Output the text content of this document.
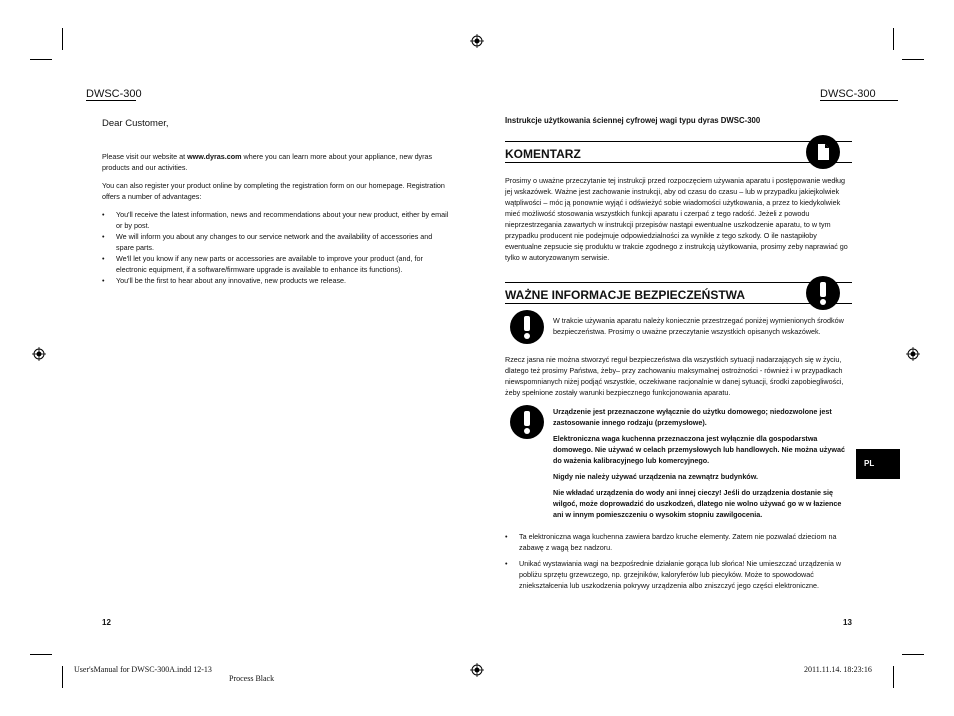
DWSC-300	DWSC-300
Dear Customer,

Please visit our website at www.dyras.com where you can learn more about your appliance, new dyras products and our activities.

You can also register your product online by completing the registration form on our homepage. Registration offers a number of advantages:

• You'll receive the latest information, news and recommendations about your new product, either by email or by post.
• We will inform you about any changes to our service network and the availability of accessories and spare parts.
• We'll let you know if any new parts or accessories are available to improve your product (and, for electronic equipment, if a software/firmware upgrade is available to enhance its functions).
• You'll be the first to hear about any innovative, new products we release.
12
Instrukcje użytkowania ściennej cyfrowej wagi typu dyras DWSC-300
KOMENTARZ

Prosimy o uważne przeczytanie tej instrukcji przed rozpoczęciem używania aparatu i postępowanie według jej wskazówek. Ważne jest zachowanie instrukcji, aby od czasu do czasu – lub w przypadku jakiejkolwiek wątpliwości – móc ją ponownie wyjąć i odświeżyć sobie wiadomości użytkowania, a przez to kiedykolwiek mieć możliwość stosowania wszystkich funkcji aparatu i czerpać z tego radość. Jeżeli z powodu nieprzestrzegania zawartych w instrukcji przepisów nastąpi ewentualne uszkodzenie aparatu, to w tym przypadku producent nie podejmuje odpowiedzialności za wynikłe z tego szkody. O ile nastąpiłoby ewentualne zepsucie się produktu w trakcie zgodnego z instrukcją użytkowania, prosimy zeby naprawiać go tylko w autoryzowanym serwisie.

WAŻNE INFORMACJE BEZPIECZEŃSTWA

W trakcie używania aparatu należy koniecznie przestrzegać poniżej wymienionych środków bezpieczeństwa. Prosimy o uważne przeczytanie wszystkich opisanych wskazówek.

Rzecz jasna nie można stworzyć reguł bezpieczeństwa dla wszystkich sytuacji nadarzających się w życiu, dlatego też prosimy Państwa, żeby– przy zachowaniu maksymalnej ostrożności - również i w przypadkach niewspomnianych niżej podjąć wszystkie, oczekiwane racjonalnie w danej sytuacji, środki zapobiegliwości, żeby spełnione zostały warunki bezpiecznego funkcjonowania aparatu.

Urządzenie jest przeznaczone wyłącznie do użytku domowego; niedozwolone jest zastosowanie innego rodzaju (przemysłowe).

Elektroniczna waga kuchenna przeznaczona jest wyłącznie dla gospodarstwa domowego. Nie używać w celach przemysłowych lub handlowych. Nie można używać do ważenia kalibracyjnego lub komercyjnego.

Nigdy nie należy używać urządzenia na zewnątrz budynków.

Nie wkładać urządzenia do wody ani innej cieczy! Jeśli do urządzenia dostanie się wilgoć, może doprowadzić do uszkodzeń, dlatego nie wolno używać go w w łazience ani w innym pomieszczeniu o wysokim stopniu zawilgocenia.

• Ta elektroniczna waga kuchenna zawiera bardzo kruche elementy. Zatem nie pozwalać dzieciom na zabawę z wagą bez nadzoru.
• Unikać wystawiania wagi na bezpośrednie działanie gorąca lub słońca! Nie umieszczać urządzenia w pobliżu sprzętu grzewczego, np. grzejników, kaloryferów lub piecyków. Może to spowodować zniekształcenia lub uszkodzenia pokrywy urządzenia albo zniszczyć jego części elektroniczne.
PL
13
User'sManual for DWSC-300A.indd 12-13
Process Black
2011.11.14. 18:23:16
